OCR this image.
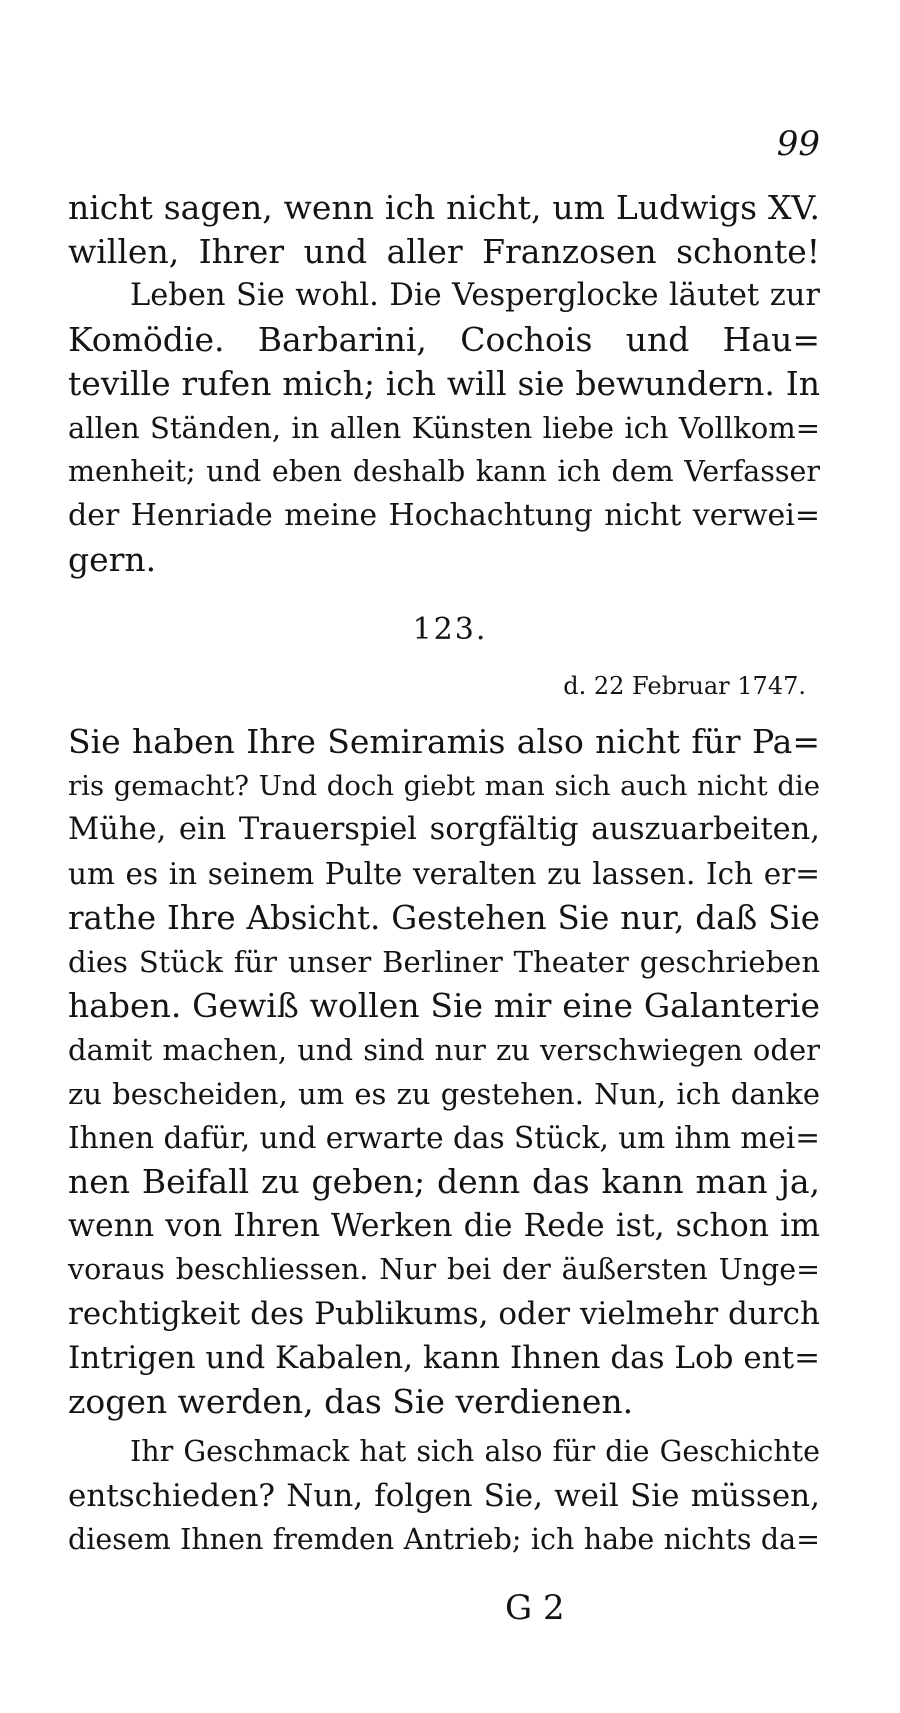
99
nicht sagen, wenn ich nicht, um Ludwigs XV.
willen, Ihrer und aller Franzosen schonte!
Leben Sie wohl. Die Vesperglocke läutet zur
Komödie. Barbarini, Cochois und Hau=
teville rufen mich; ich will sie bewundern. In
allen Ständen, in allen Künsten liebe ich Vollkom=
menheit; und eben deshalb kann ich dem Verfasser
der Henriade meine Hochachtung nicht verwei=
gern.
123.
d. 22 Februar 1747.
Sie haben Ihre Semiramis also nicht für Pa=
ris gemacht? Und doch giebt man sich auch nicht die
Mühe, ein Trauerspiel sorgfältig auszuarbeiten,
um es in seinem Pulte veralten zu lassen. Ich er=
rathe Ihre Absicht. Gestehen Sie nur, daß Sie
dies Stück für unser Berliner Theater geschrieben
haben. Gewiß wollen Sie mir eine Galanterie
damit machen, und sind nur zu verschwiegen oder
zu bescheiden, um es zu gestehen. Nun, ich danke
Ihnen dafür, und erwarte das Stück, um ihm mei=
nen Beifall zu geben; denn das kann man ja,
wenn von Ihren Werken die Rede ist, schon im
voraus beschliessen. Nur bei der äußersten Unge=
rechtigkeit des Publikums, oder vielmehr durch
Intrigen und Kabalen, kann Ihnen das Lob ent=
zogen werden, das Sie verdienen.
Ihr Geschmack hat sich also für die Geschichte
entschieden? Nun, folgen Sie, weil Sie müssen,
diesem Ihnen fremden Antrieb; ich habe nichts da=
G 2
